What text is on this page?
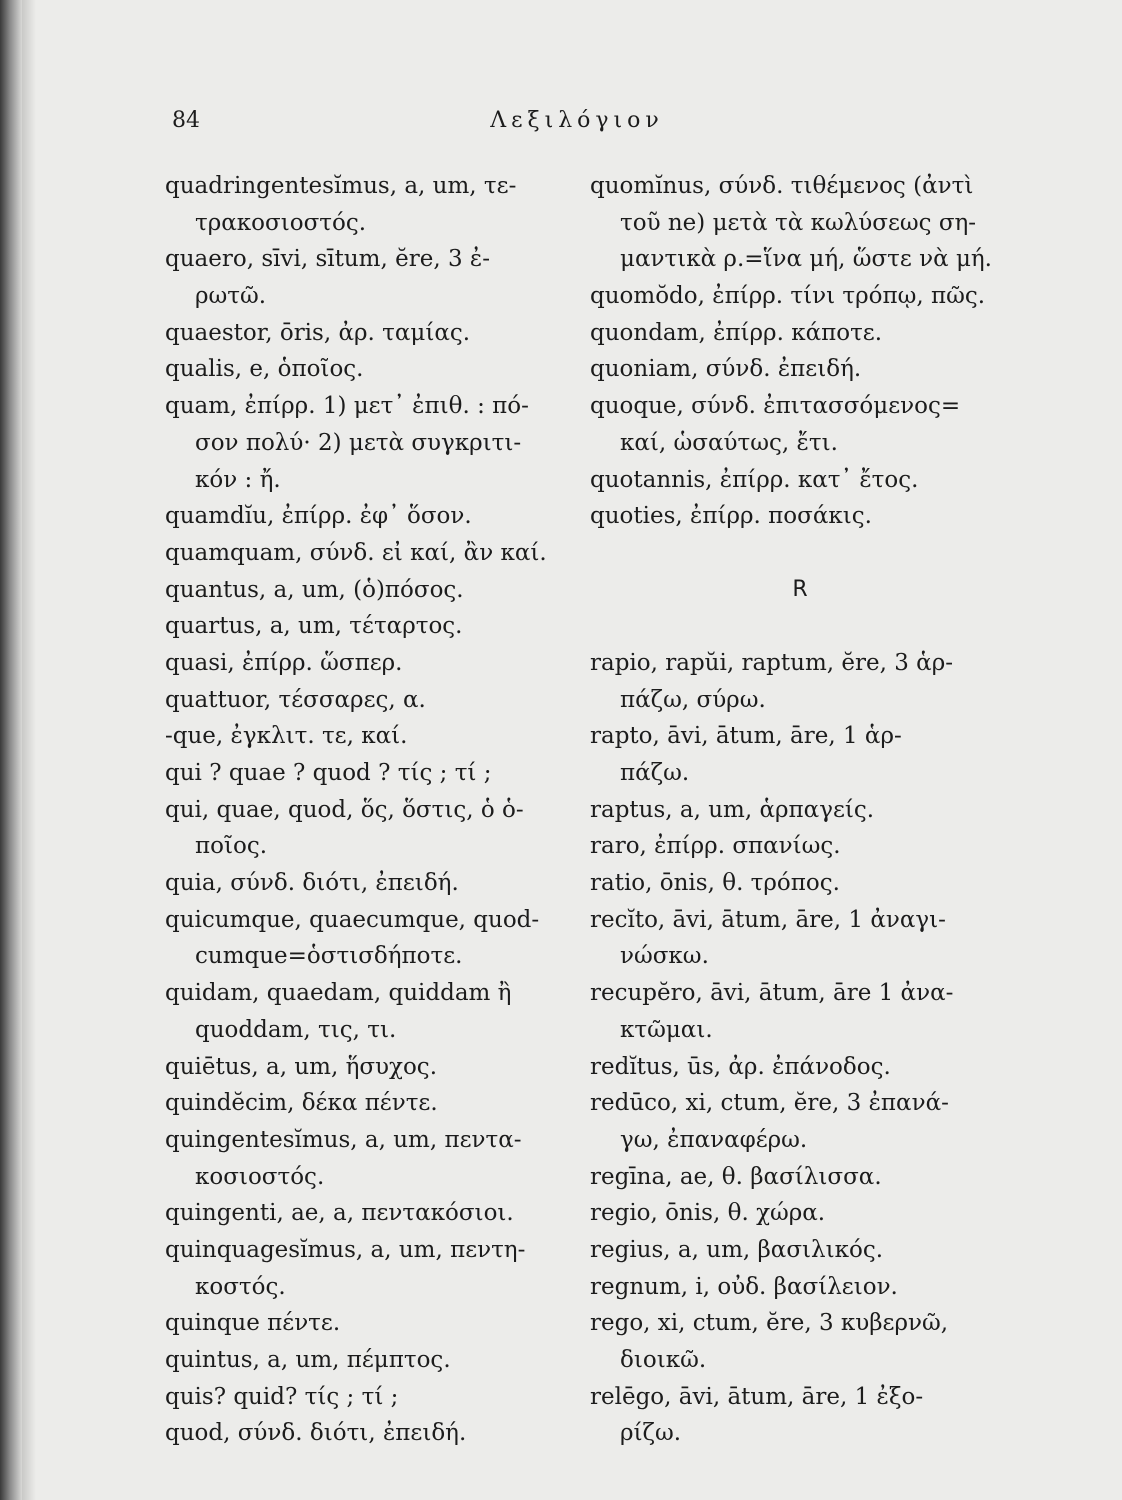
84	Λεξιλόγιον
quadringentesĭmus, a, um, τε-
τρακοσιοστός.
quaero, sīvi, sītum, ĕre, 3 ἐ-
ρωτῶ.
quaestor, ōris, ἀρ. ταμίας.
qualis, e, ὁποῖος.
quam, ἐπίρρ. 1) μετ᾽ ἐπιθ. : πό-
σον πολύ· 2) μετὰ συγκριτι-
κόν : ἤ.
quamdĭu, ἐπίρρ. ἐφ᾽ ὅσον.
quamquam, σύνδ. εἰ καί, ἂν καί.
quantus, a, um, (ὁ)πόσος.
quartus, a, um, τέταρτος.
quasi, ἐπίρρ. ὥσπερ.
quattuor, τέσσαρες, α.
-que, ἐγκλιτ. τε, καί.
qui ? quae ? quod ? τίς ; τί ;
qui, quae, quod, ὅς, ὅστις, ὁ ὁ-
ποῖος.
quia, σύνδ. διότι, ἐπειδή.
quicumque, quaecumque, quod-
cumque=ὁστισδήποτε.
quidam, quaedam, quiddam ἢ
quoddam, τις, τι.
quiētus, a, um, ἥσυχος.
quindĕcim, δέκα πέντε.
quingentesĭmus, a, um, πεντα-
κοσιοστός.
quingenti, ae, a, πεντακόσιοι.
quinquagesĭmus, a, um, πεντη-
κοστός.
quinque πέντε.
quintus, a, um, πέμπτος.
quis? quid? τίς ; τί ;
quod, σύνδ. διότι, ἐπειδή.
quomĭnus, σύνδ. τιθέμενος (ἀντὶ
τοῦ ne) μετὰ τὰ κωλύσεως ση-
μαντικὰ ρ.=ἵνα μή, ὥστε νὰ μή.
quomŏdo, ἐπίρρ. τίνι τρόπῳ, πῶς.
quondam, ἐπίρρ. κάποτε.
quoniam, σύνδ. ἐπειδή.
quoque, σύνδ. ἐπιτασσόμενος=
καί, ὡσαύτως, ἔτι.
quotannis, ἐπίρρ. κατ᾽ ἔτος.
quoties, ἐπίρρ. ποσάκις.
R
rapio, rapŭi, raptum, ĕre, 3 ἁρ-
πάζω, σύρω.
rapto, āvi, ātum, āre, 1 ἁρ-
πάζω.
raptus, a, um, ἁρπαγείς.
raro, ἐπίρρ. σπανίως.
ratio, ōnis, θ. τρόπος.
recĭto, āvi, ātum, āre, 1 ἀναγι-
νώσκω.
recupĕro, āvi, ātum, āre 1 ἀνα-
κτῶμαι.
redĭtus, ūs, ἀρ. ἐπάνοδος.
redūco, xi, ctum, ĕre, 3 ἐπανά-
γω, ἐπαναφέρω.
regīna, ae, θ. βασίλισσα.
regio, ōnis, θ. χώρα.
regius, a, um, βασιλικός.
regnum, i, οὐδ. βασίλειον.
rego, xi, ctum, ĕre, 3 κυβερνῶ,
διοικῶ.
relēgo, āvi, ātum, āre, 1 ἐξο-
ρίζω.
